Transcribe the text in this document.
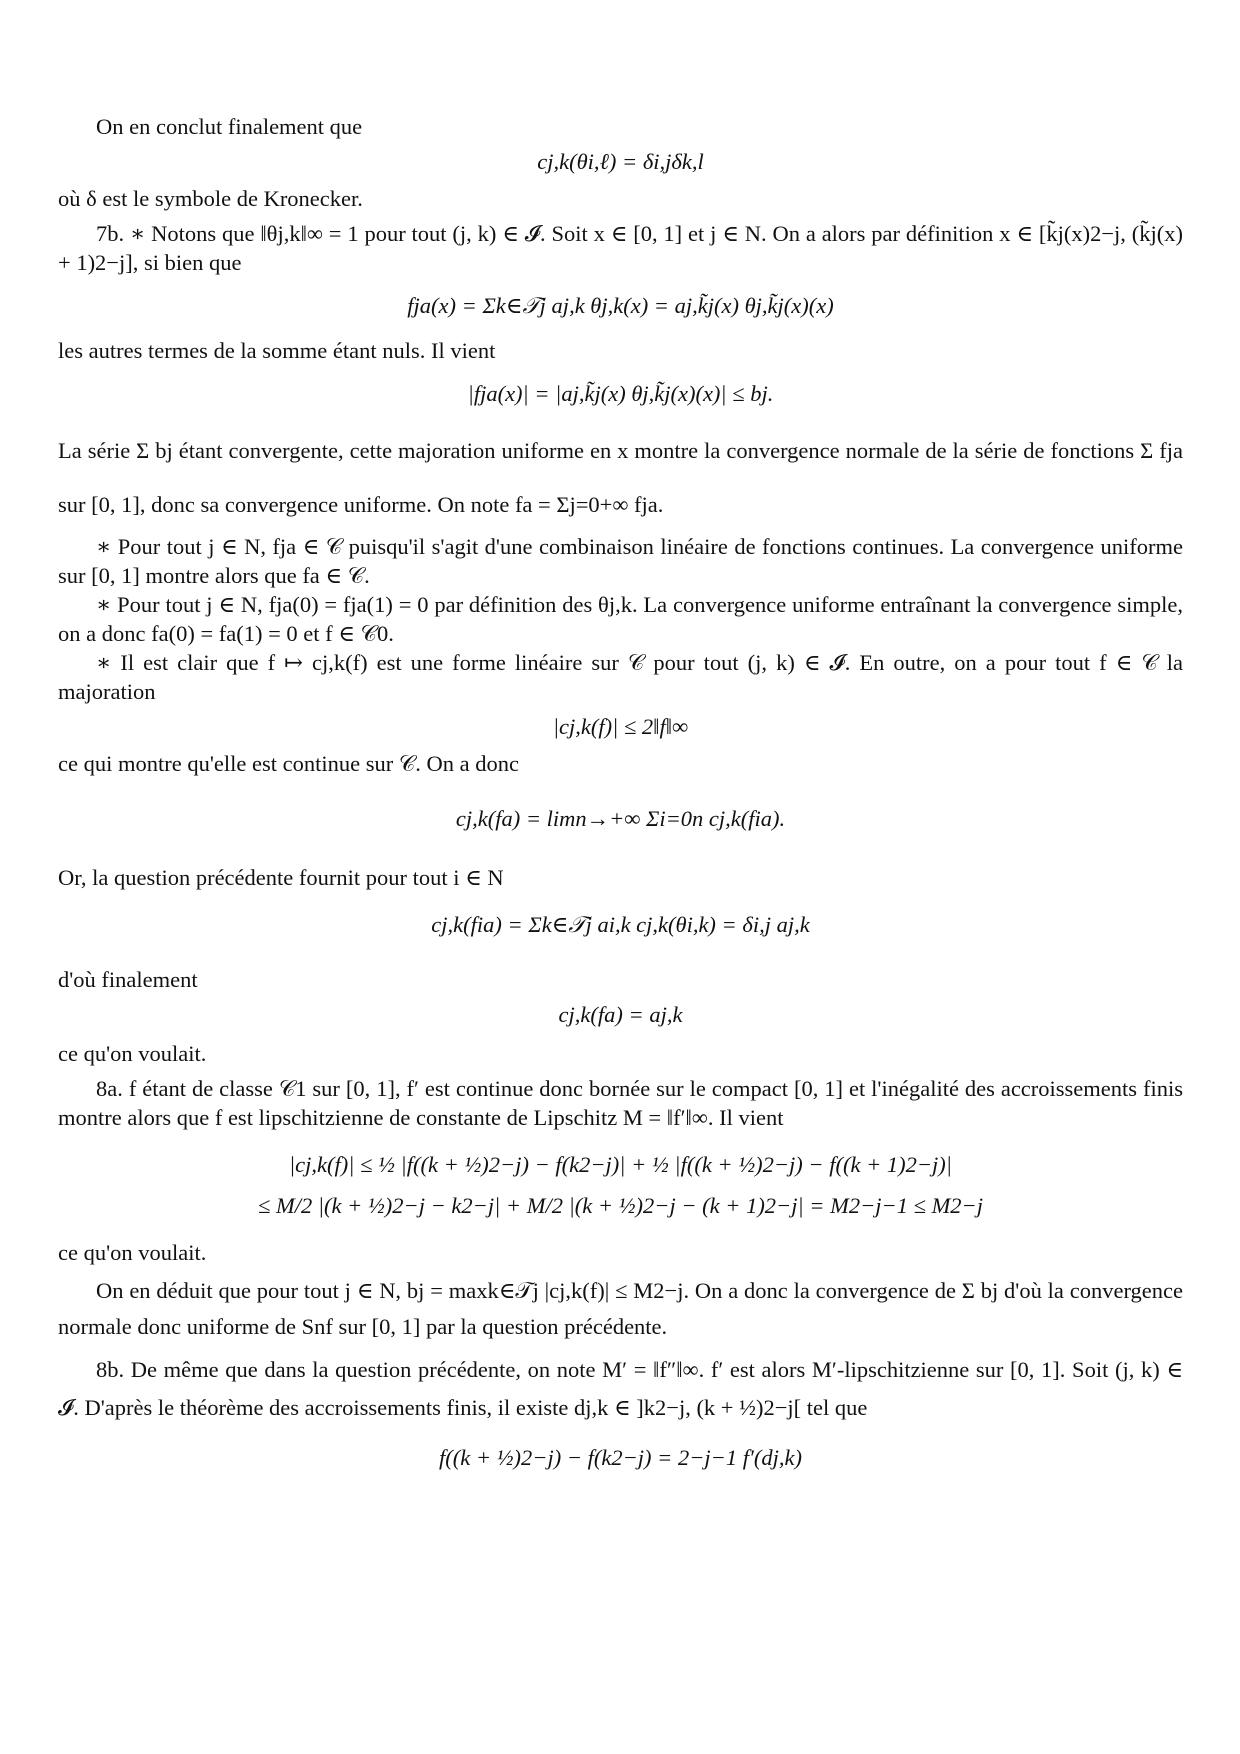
On en conclut finalement que

cj,k(θi,ℓ) = δi,jδk,l

où δ est le symbole de Kronecker.

7b. ∗ Notons que ‖θj,k‖∞ = 1 pour tout (j, k) ∈ 𝓘. Soit x ∈ [0, 1] et j ∈ N. On a alors par définition x ∈ [k̃j(x)2−j, (k̃j(x) + 1)2−j], si bien que

fja(x) = Σk∈𝒯j aj,k θj,k(x) = aj,k̃j(x) θj,k̃j(x)(x)

les autres termes de la somme étant nuls. Il vient

|fja(x)| = |aj,k̃j(x) θj,k̃j(x)(x)| ≤ bj.

La série Σ bj étant convergente, cette majoration uniforme en x montre la convergence normale de la série de fonctions Σ fja sur [0, 1], donc sa convergence uniforme. On note fa = Σj=0+∞ fja.

∗ Pour tout j ∈ N, fja ∈ 𝒞 puisqu'il s'agit d'une combinaison linéaire de fonctions continues. La convergence uniforme sur [0, 1] montre alors que fa ∈ 𝒞.

∗ Pour tout j ∈ N, fja(0) = fja(1) = 0 par définition des θj,k. La convergence uniforme entraînant la convergence simple, on a donc fa(0) = fa(1) = 0 et f ∈ 𝒞0.

∗ Il est clair que f ↦ cj,k(f) est une forme linéaire sur 𝒞 pour tout (j, k) ∈ 𝓘. En outre, on a pour tout f ∈ 𝒞 la majoration

|cj,k(f)| ≤ 2‖f‖∞

ce qui montre qu'elle est continue sur 𝒞. On a donc

cj,k(fa) = limn→+∞ Σi=0n cj,k(fia).

Or, la question précédente fournit pour tout i ∈ N

cj,k(fia) = Σk∈𝒯j ai,k cj,k(θi,k) = δi,j aj,k

d'où finalement

cj,k(fa) = aj,k

ce qu'on voulait.

8a. f étant de classe 𝒞1 sur [0, 1], f′ est continue donc bornée sur le compact [0, 1] et l'inégalité des accroissements finis montre alors que f est lipschitzienne de constante de Lipschitz M = ‖f′‖∞. Il vient

|cj,k(f)| ≤ ½ |f((k + ½)2−j) − f(k2−j)| + ½ |f((k + ½)2−j) − f((k + 1)2−j)|
≤ M/2 |(k + ½)2−j − k2−j| + M/2 |(k + ½)2−j − (k + 1)2−j| = M2−j−1 ≤ M2−j

ce qu'on voulait.

On en déduit que pour tout j ∈ N, bj = maxk∈𝒯j |cj,k(f)| ≤ M2−j. On a donc la convergence de Σ bj d'où la convergence normale donc uniforme de Snf sur [0, 1] par la question précédente.

8b. De même que dans la question précédente, on note M′ = ‖f″‖∞. f′ est alors M′-lipschitzienne sur [0, 1]. Soit (j, k) ∈ 𝓘. D'après le théorème des accroissements finis, il existe dj,k ∈ ]k2−j, (k + ½)2−j[ tel que

f((k + ½)2−j) − f(k2−j) = 2−j−1 f′(dj,k)
